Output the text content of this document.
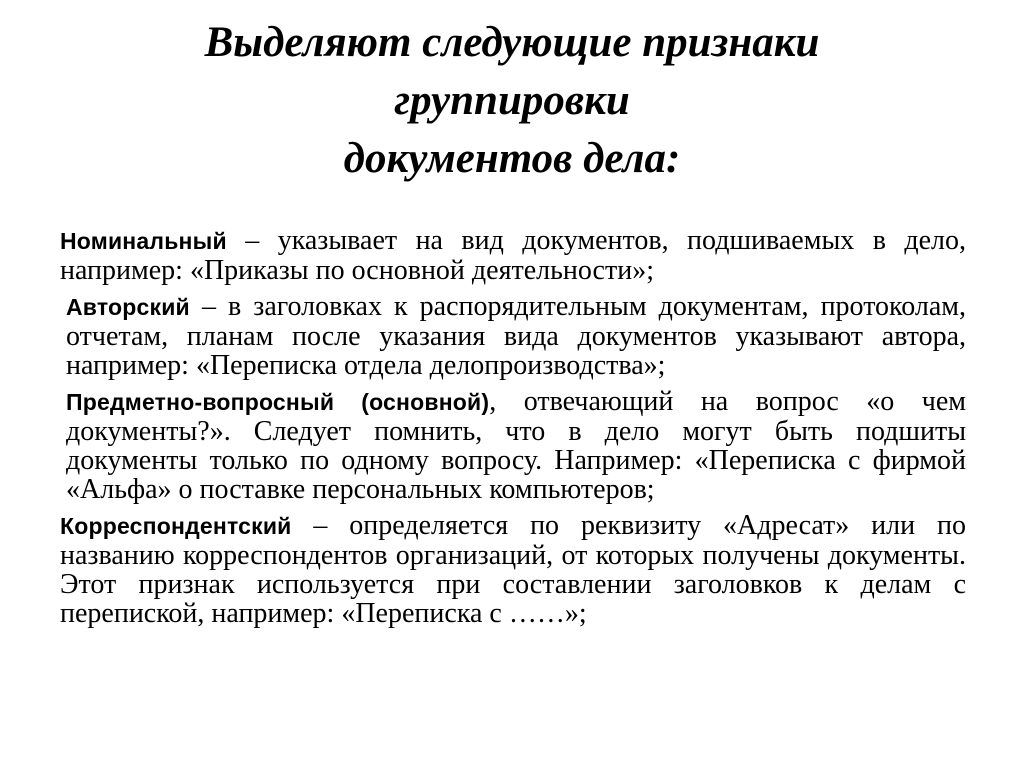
Выделяют следующие признаки
группировки
документов дела:

Номинальный – указывает на вид документов, подшиваемых в дело, например: «Приказы по основной деятельности»;

Авторский – в заголовках к распорядительным документам, протоколам, отчетам, планам после указания вида документов указывают автора, например: «Переписка отдела делопроизводства»;

Предметно-вопросный (основной), отвечающий на вопрос «о чем документы?». Следует помнить, что в дело могут быть подшиты документы только по одному вопросу. Например: «Переписка с фирмой «Альфа» о поставке персональных компьютеров;

Корреспондентский – определяется по реквизиту «Адресат» или по названию корреспондентов организаций, от которых получены документы. Этот признак используется при составлении заголовков к делам с перепиской, например: «Переписка с ……»;
